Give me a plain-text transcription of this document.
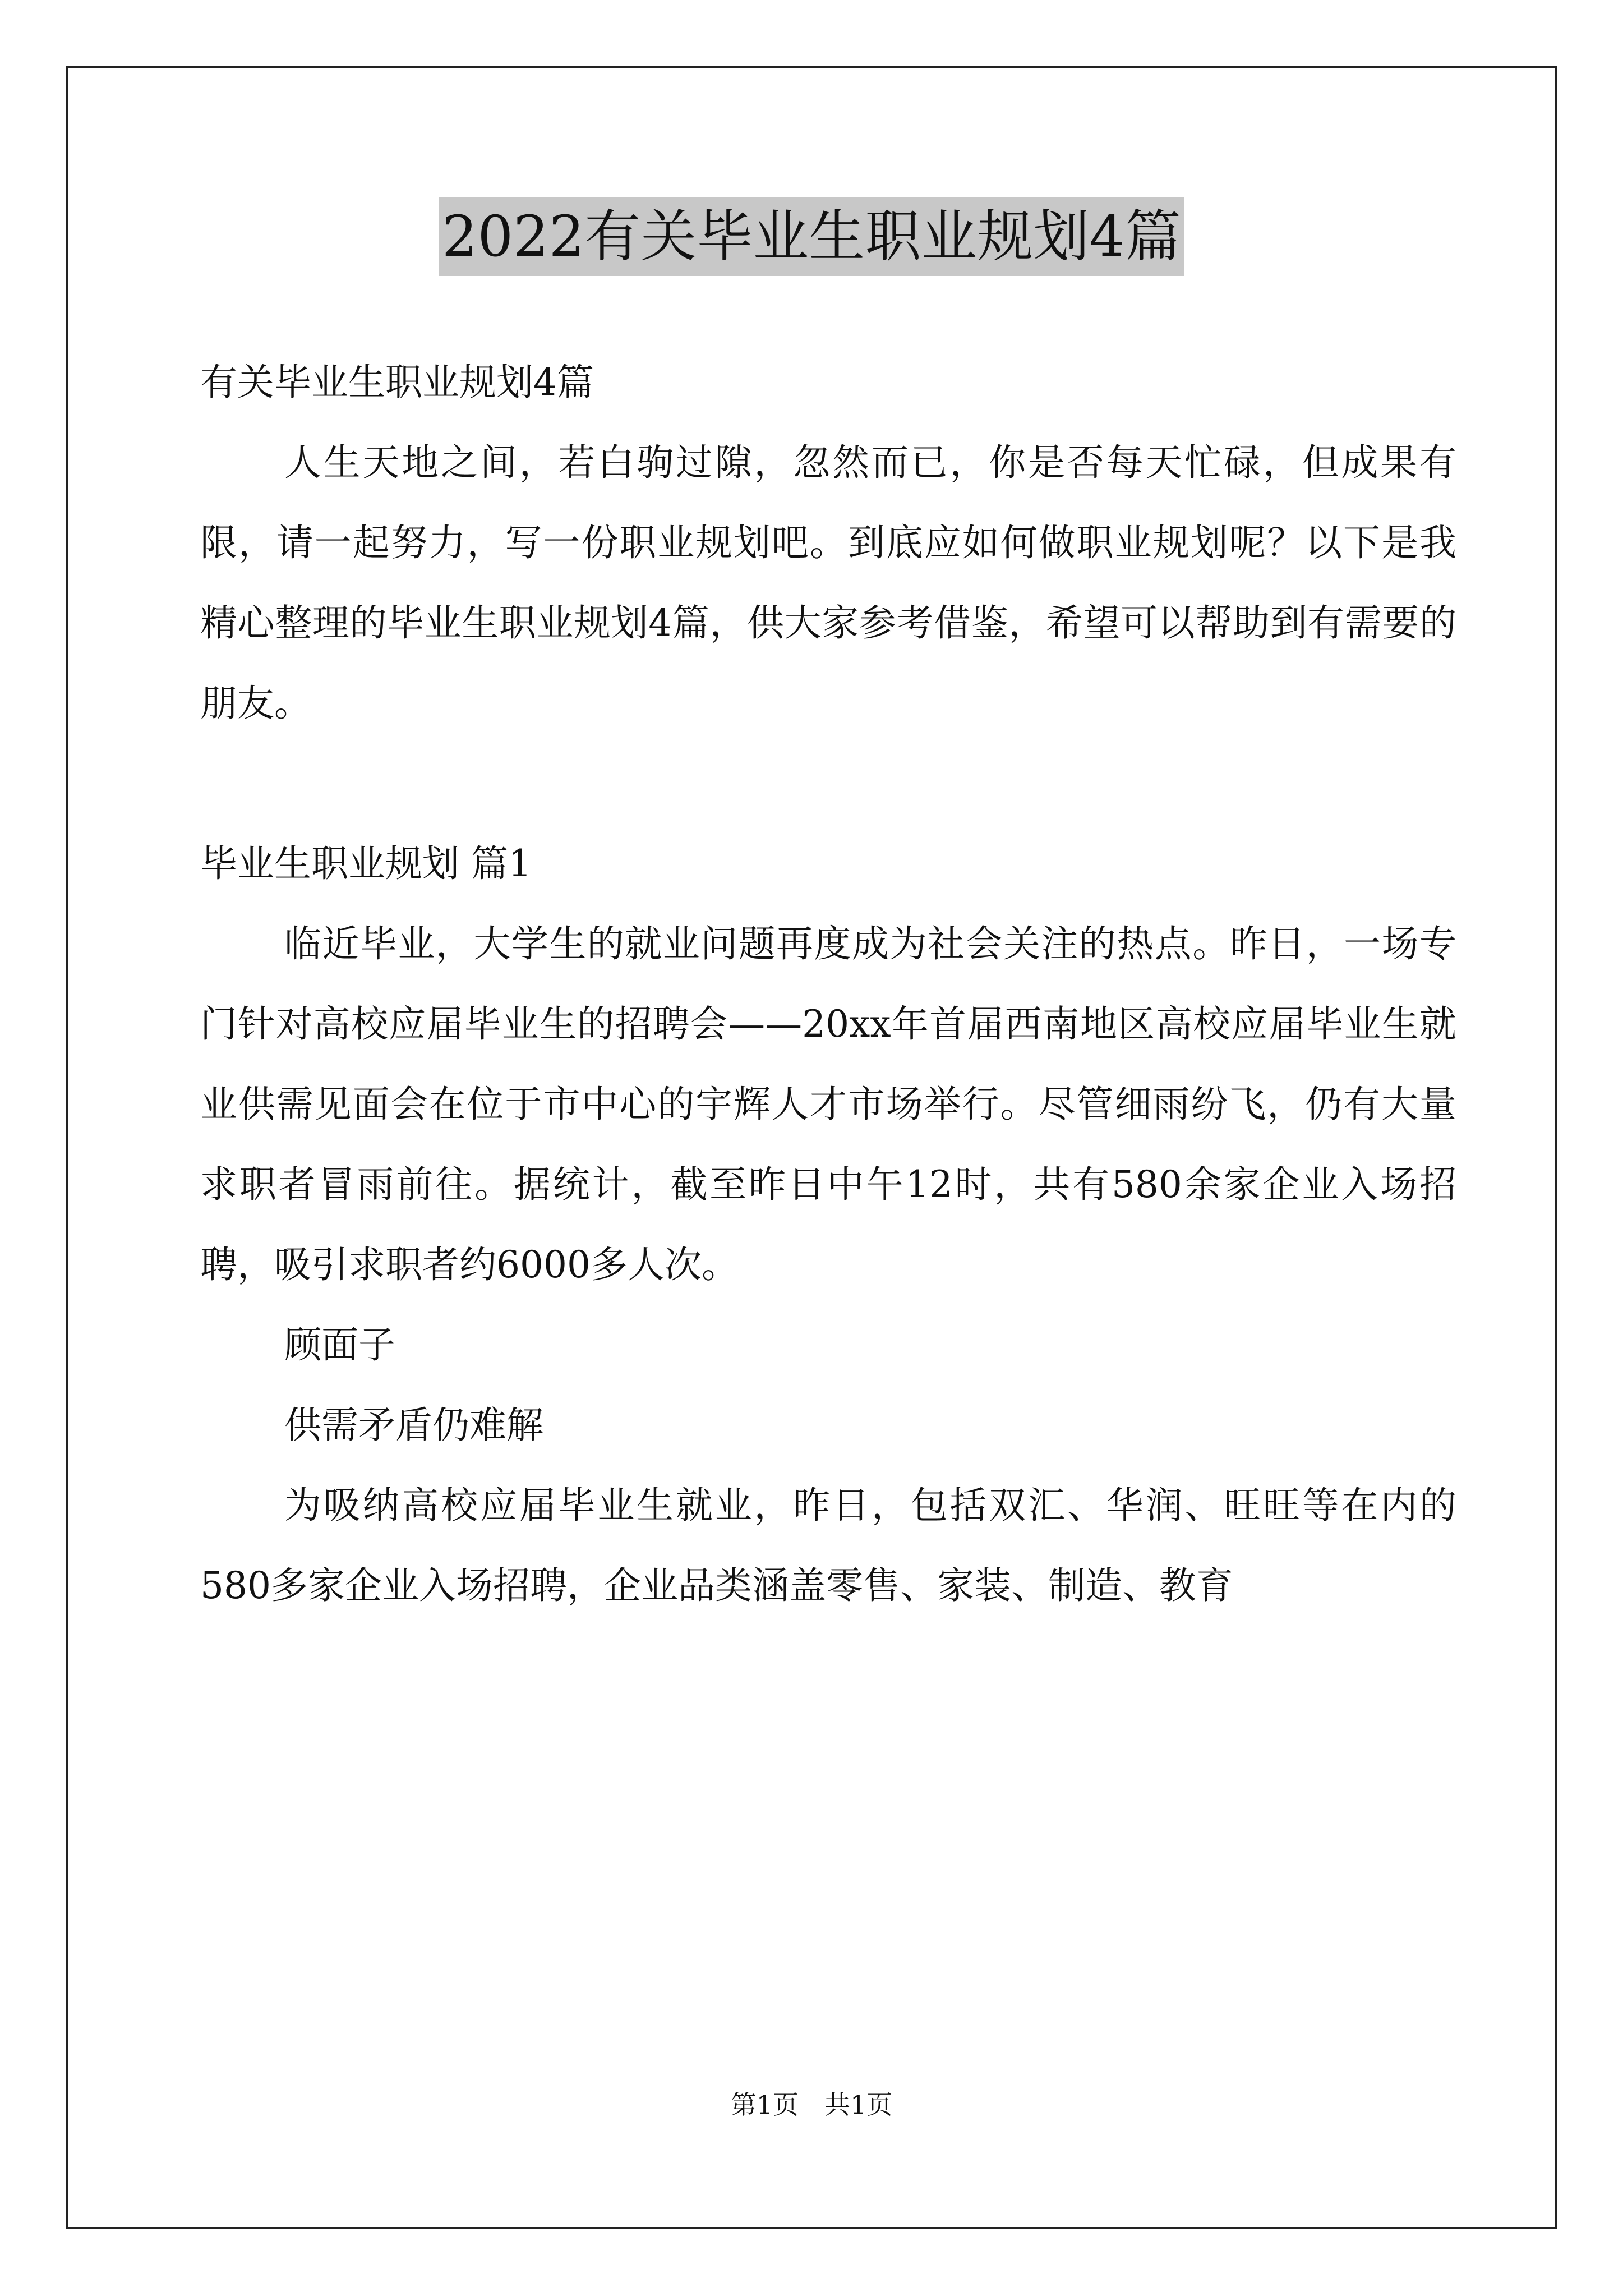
2022有关毕业生职业规划4篇

有关毕业生职业规划4篇

人生天地之间，若白驹过隙，忽然而已，你是否每天忙碌，但成果有限，请一起努力，写一份职业规划吧。到底应如何做职业规划呢？以下是我精心整理的毕业生职业规划4篇，供大家参考借鉴，希望可以帮助到有需要的朋友。

毕业生职业规划 篇1

临近毕业，大学生的就业问题再度成为社会关注的热点。昨日，一场专门针对高校应届毕业生的招聘会——20xx年首届西南地区高校应届毕业生就业供需见面会在位于市中心的宇辉人才市场举行。尽管细雨纷飞，仍有大量求职者冒雨前往。据统计，截至昨日中午12时，共有580余家企业入场招聘，吸引求职者约6000多人次。

顾面子

供需矛盾仍难解

为吸纳高校应届毕业生就业，昨日，包括双汇、华润、旺旺等在内的580多家企业入场招聘，企业品类涵盖零售、家装、制造、教育

第1页　共1页
